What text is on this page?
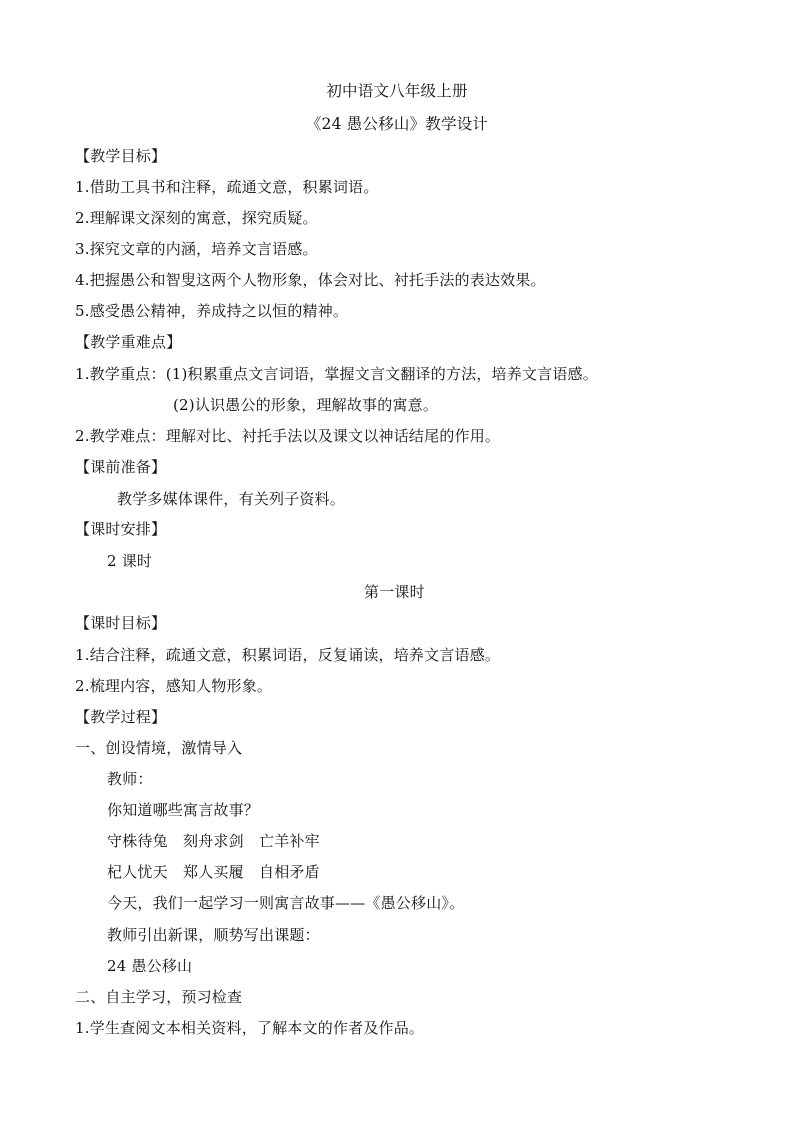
初中语文八年级上册
《24 愚公移山》教学设计
【教学目标】
1.借助工具书和注释，疏通文意，积累词语。
2.理解课文深刻的寓意，探究质疑。
3.探究文章的内涵，培养文言语感。
4.把握愚公和智叟这两个人物形象，体会对比、衬托手法的表达效果。
5.感受愚公精神，养成持之以恒的精神。
【教学重难点】
1.教学重点：(1)积累重点文言词语，掌握文言文翻译的方法，培养文言语感。
(2)认识愚公的形象，理解故事的寓意。
2.教学难点：理解对比、衬托手法以及课文以神话结尾的作用。
【课前准备】
教学多媒体课件，有关列子资料。
【课时安排】
2 课时
第一课时
【课时目标】
1.结合注释，疏通文意，积累词语，反复诵读，培养文言语感。
2.梳理内容，感知人物形象。
【教学过程】
一、创设情境，激情导入
教师：
你知道哪些寓言故事？
守株待兔　刻舟求剑　亡羊补牢
杞人忧天　郑人买履　自相矛盾
今天，我们一起学习一则寓言故事——《愚公移山》。
教师引出新课，顺势写出课题：
24 愚公移山
二、自主学习，预习检查
1.学生查阅文本相关资料，了解本文的作者及作品。
